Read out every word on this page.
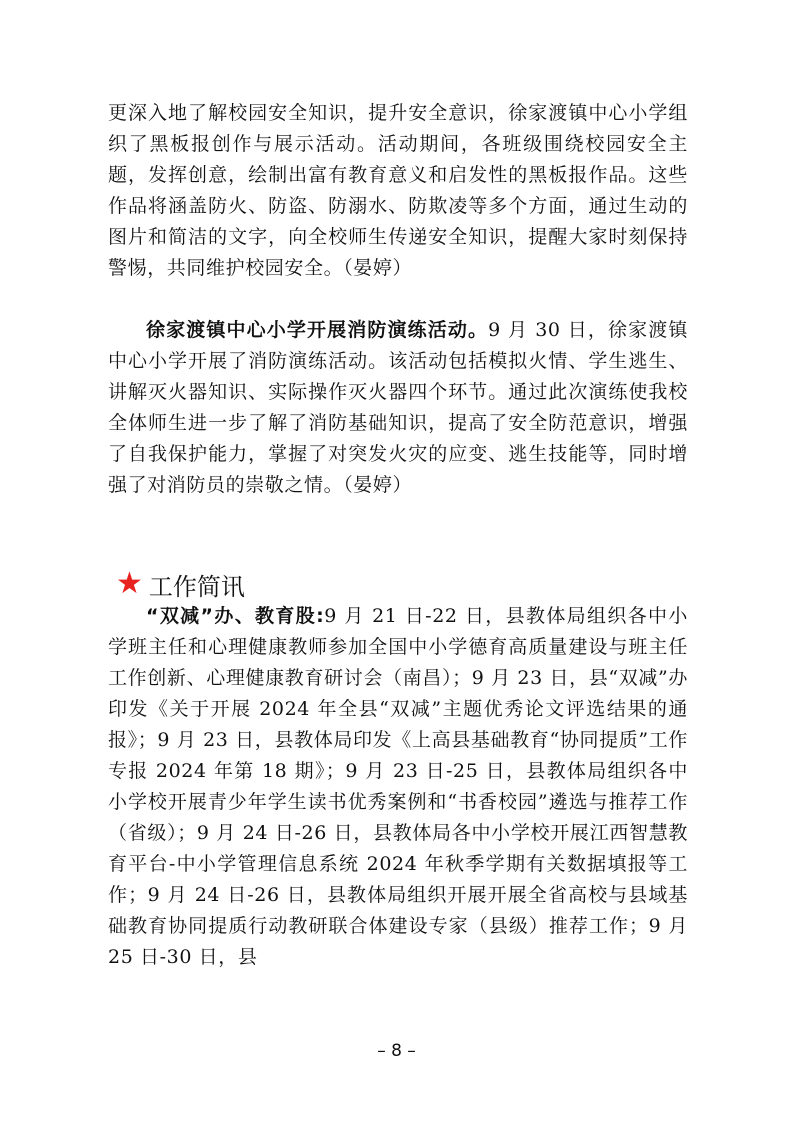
更深入地了解校园安全知识，提升安全意识，徐家渡镇中心小学组织了黑板报创作与展示活动。活动期间，各班级围绕校园安全主题，发挥创意，绘制出富有教育意义和启发性的黑板报作品。这些作品将涵盖防火、防盗、防溺水、防欺凌等多个方面，通过生动的图片和简洁的文字，向全校师生传递安全知识，提醒大家时刻保持警惕，共同维护校园安全。（晏婷）

徐家渡镇中心小学开展消防演练活动。9 月 30 日，徐家渡镇中心小学开展了消防演练活动。该活动包括模拟火情、学生逃生、讲解灭火器知识、实际操作灭火器四个环节。通过此次演练使我校全体师生进一步了解了消防基础知识，提高了安全防范意识，增强了自我保护能力，掌握了对突发火灾的应变、逃生技能等，同时增强了对消防员的崇敬之情。（晏婷）

★ 工作简讯

“双减”办、教育股:9 月 21 日-22 日，县教体局组织各中小学班主任和心理健康教师参加全国中小学德育高质量建设与班主任工作创新、心理健康教育研讨会（南昌）；9 月 23 日，县“双减”办印发《关于开展 2024 年全县“双减”主题优秀论文评选结果的通报》；9 月 23 日，县教体局印发《上高县基础教育“协同提质”工作专报 2024 年第 18 期》；9 月 23 日-25 日，县教体局组织各中小学校开展青少年学生读书优秀案例和“书香校园”遴选与推荐工作（省级）；9 月 24 日-26 日，县教体局各中小学校开展江西智慧教育平台-中小学管理信息系统 2024 年秋季学期有关数据填报等工作；9 月 24 日-26 日，县教体局组织开展开展全省高校与县域基础教育协同提质行动教研联合体建设专家（县级）推荐工作；9 月 25 日-30 日，县

– 8 –
